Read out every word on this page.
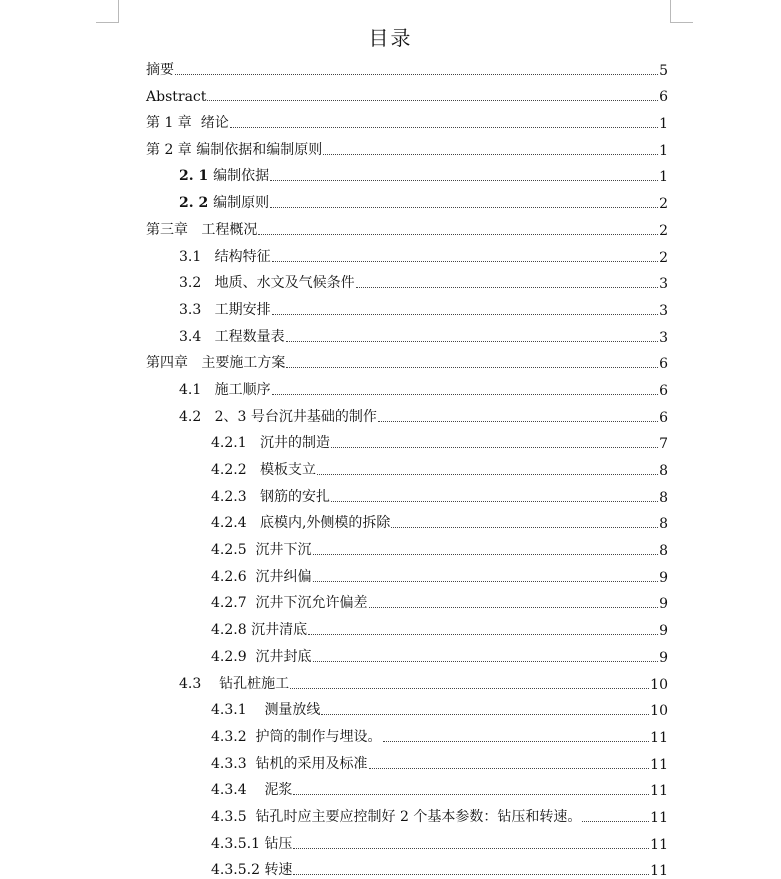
目录
摘要	5
Abstract	6
第 1 章  绪论	1
第 2 章 编制依据和编制原则	1
2. 1 编制依据	1
2. 2 编制原则	2
第三章   工程概况	2
3.1   结构特征	2
3.2   地质、水文及气候条件	3
3.3   工期安排	3
3.4   工程数量表	3
第四章   主要施工方案	6
4.1   施工顺序	6
4.2   2、3 号台沉井基础的制作	6
4.2.1   沉井的制造	7
4.2.2   模板支立	8
4.2.3   钢筋的安扎	8
4.2.4   底模内,外侧模的拆除	8
4.2.5  沉井下沉	8
4.2.6  沉井纠偏	9
4.2.7  沉井下沉允许偏差	9
4.2.8 沉井清底	9
4.2.9  沉井封底	9
4.3    钻孔桩施工	10
4.3.1    测量放线	10
4.3.2  护筒的制作与埋设。	11
4.3.3  钻机的采用及标准	11
4.3.4    泥浆	11
4.3.5  钻孔时应主要应控制好 2 个基本参数：钻压和转速。	11
4.3.5.1 钻压	11
4.3.5.2 转速	11
